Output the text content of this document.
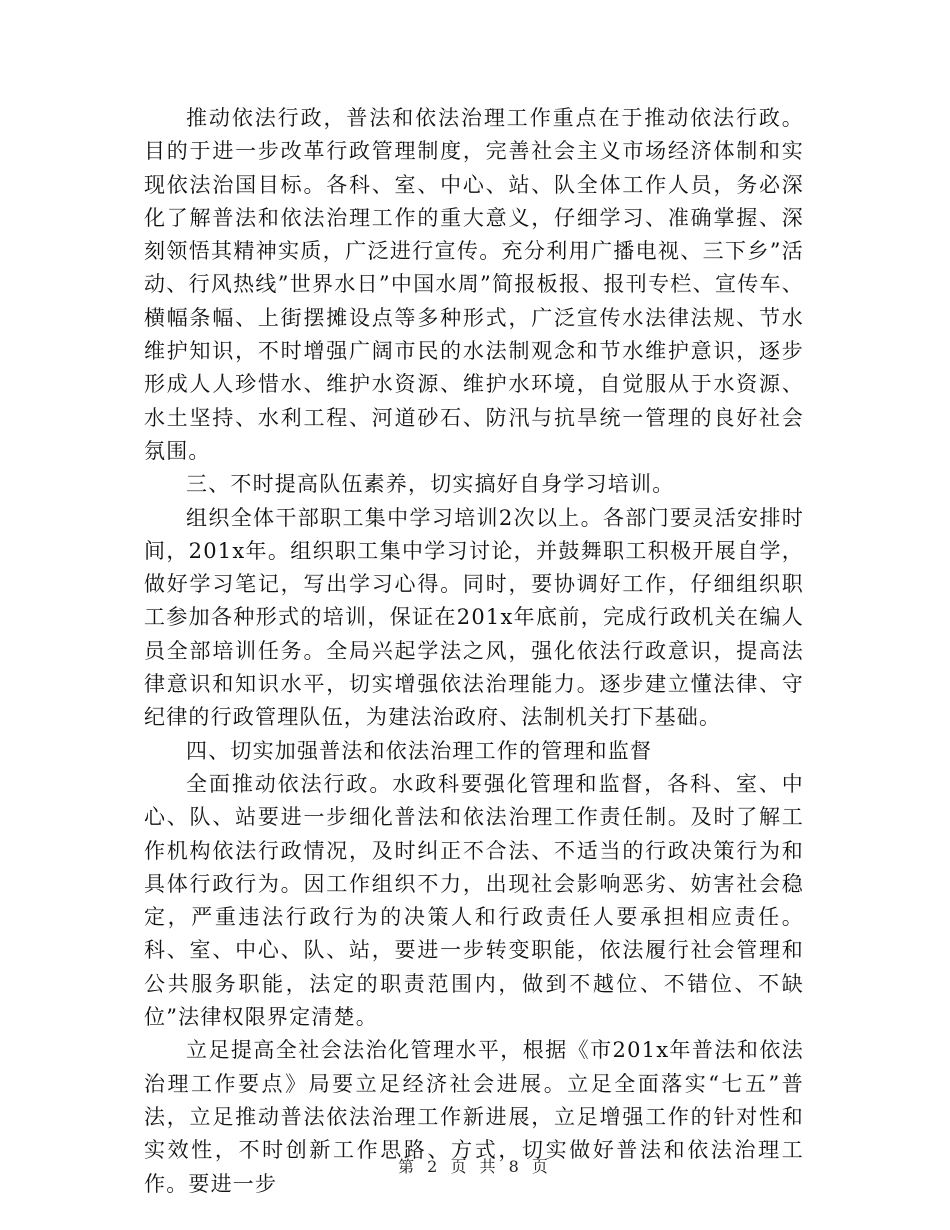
推动依法行政，普法和依法治理工作重点在于推动依法行政。目的于进一步改革行政管理制度，完善社会主义市场经济体制和实现依法治国目标。各科、室、中心、站、队全体工作人员，务必深化了解普法和依法治理工作的重大意义，仔细学习、准确掌握、深刻领悟其精神实质，广泛进行宣传。充分利用广播电视、三下乡”活动、行风热线”世界水日”中国水周”简报板报、报刊专栏、宣传车、横幅条幅、上街摆摊设点等多种形式，广泛宣传水法律法规、节水维护知识，不时增强广阔市民的水法制观念和节水维护意识，逐步形成人人珍惜水、维护水资源、维护水环境，自觉服从于水资源、水土坚持、水利工程、河道砂石、防汛与抗旱统一管理的良好社会氛围。

三、不时提高队伍素养，切实搞好自身学习培训。

组织全体干部职工集中学习培训2次以上。各部门要灵活安排时间，201x年。组织职工集中学习讨论，并鼓舞职工积极开展自学，做好学习笔记，写出学习心得。同时，要协调好工作，仔细组织职工参加各种形式的培训，保证在201x年底前，完成行政机关在编人员全部培训任务。全局兴起学法之风，强化依法行政意识，提高法律意识和知识水平，切实增强依法治理能力。逐步建立懂法律、守纪律的行政管理队伍，为建法治政府、法制机关打下基础。

四、切实加强普法和依法治理工作的管理和监督

全面推动依法行政。水政科要强化管理和监督，各科、室、中心、队、站要进一步细化普法和依法治理工作责任制。及时了解工作机构依法行政情况，及时纠正不合法、不适当的行政决策行为和具体行政行为。因工作组织不力，出现社会影响恶劣、妨害社会稳定，严重违法行政行为的决策人和行政责任人要承担相应责任。科、室、中心、队、站，要进一步转变职能，依法履行社会管理和公共服务职能，法定的职责范围内，做到不越位、不错位、不缺位”法律权限界定清楚。

立足提高全社会法治化管理水平，根据《市201x年普法和依法治理工作要点》局要立足经济社会进展。立足全面落实“七五”普法，立足推动普法依法治理工作新进展，立足增强工作的针对性和实效性，不时创新工作思路、方式，切实做好普法和依法治理工作。要进一步

第 2 页 共 8 页
